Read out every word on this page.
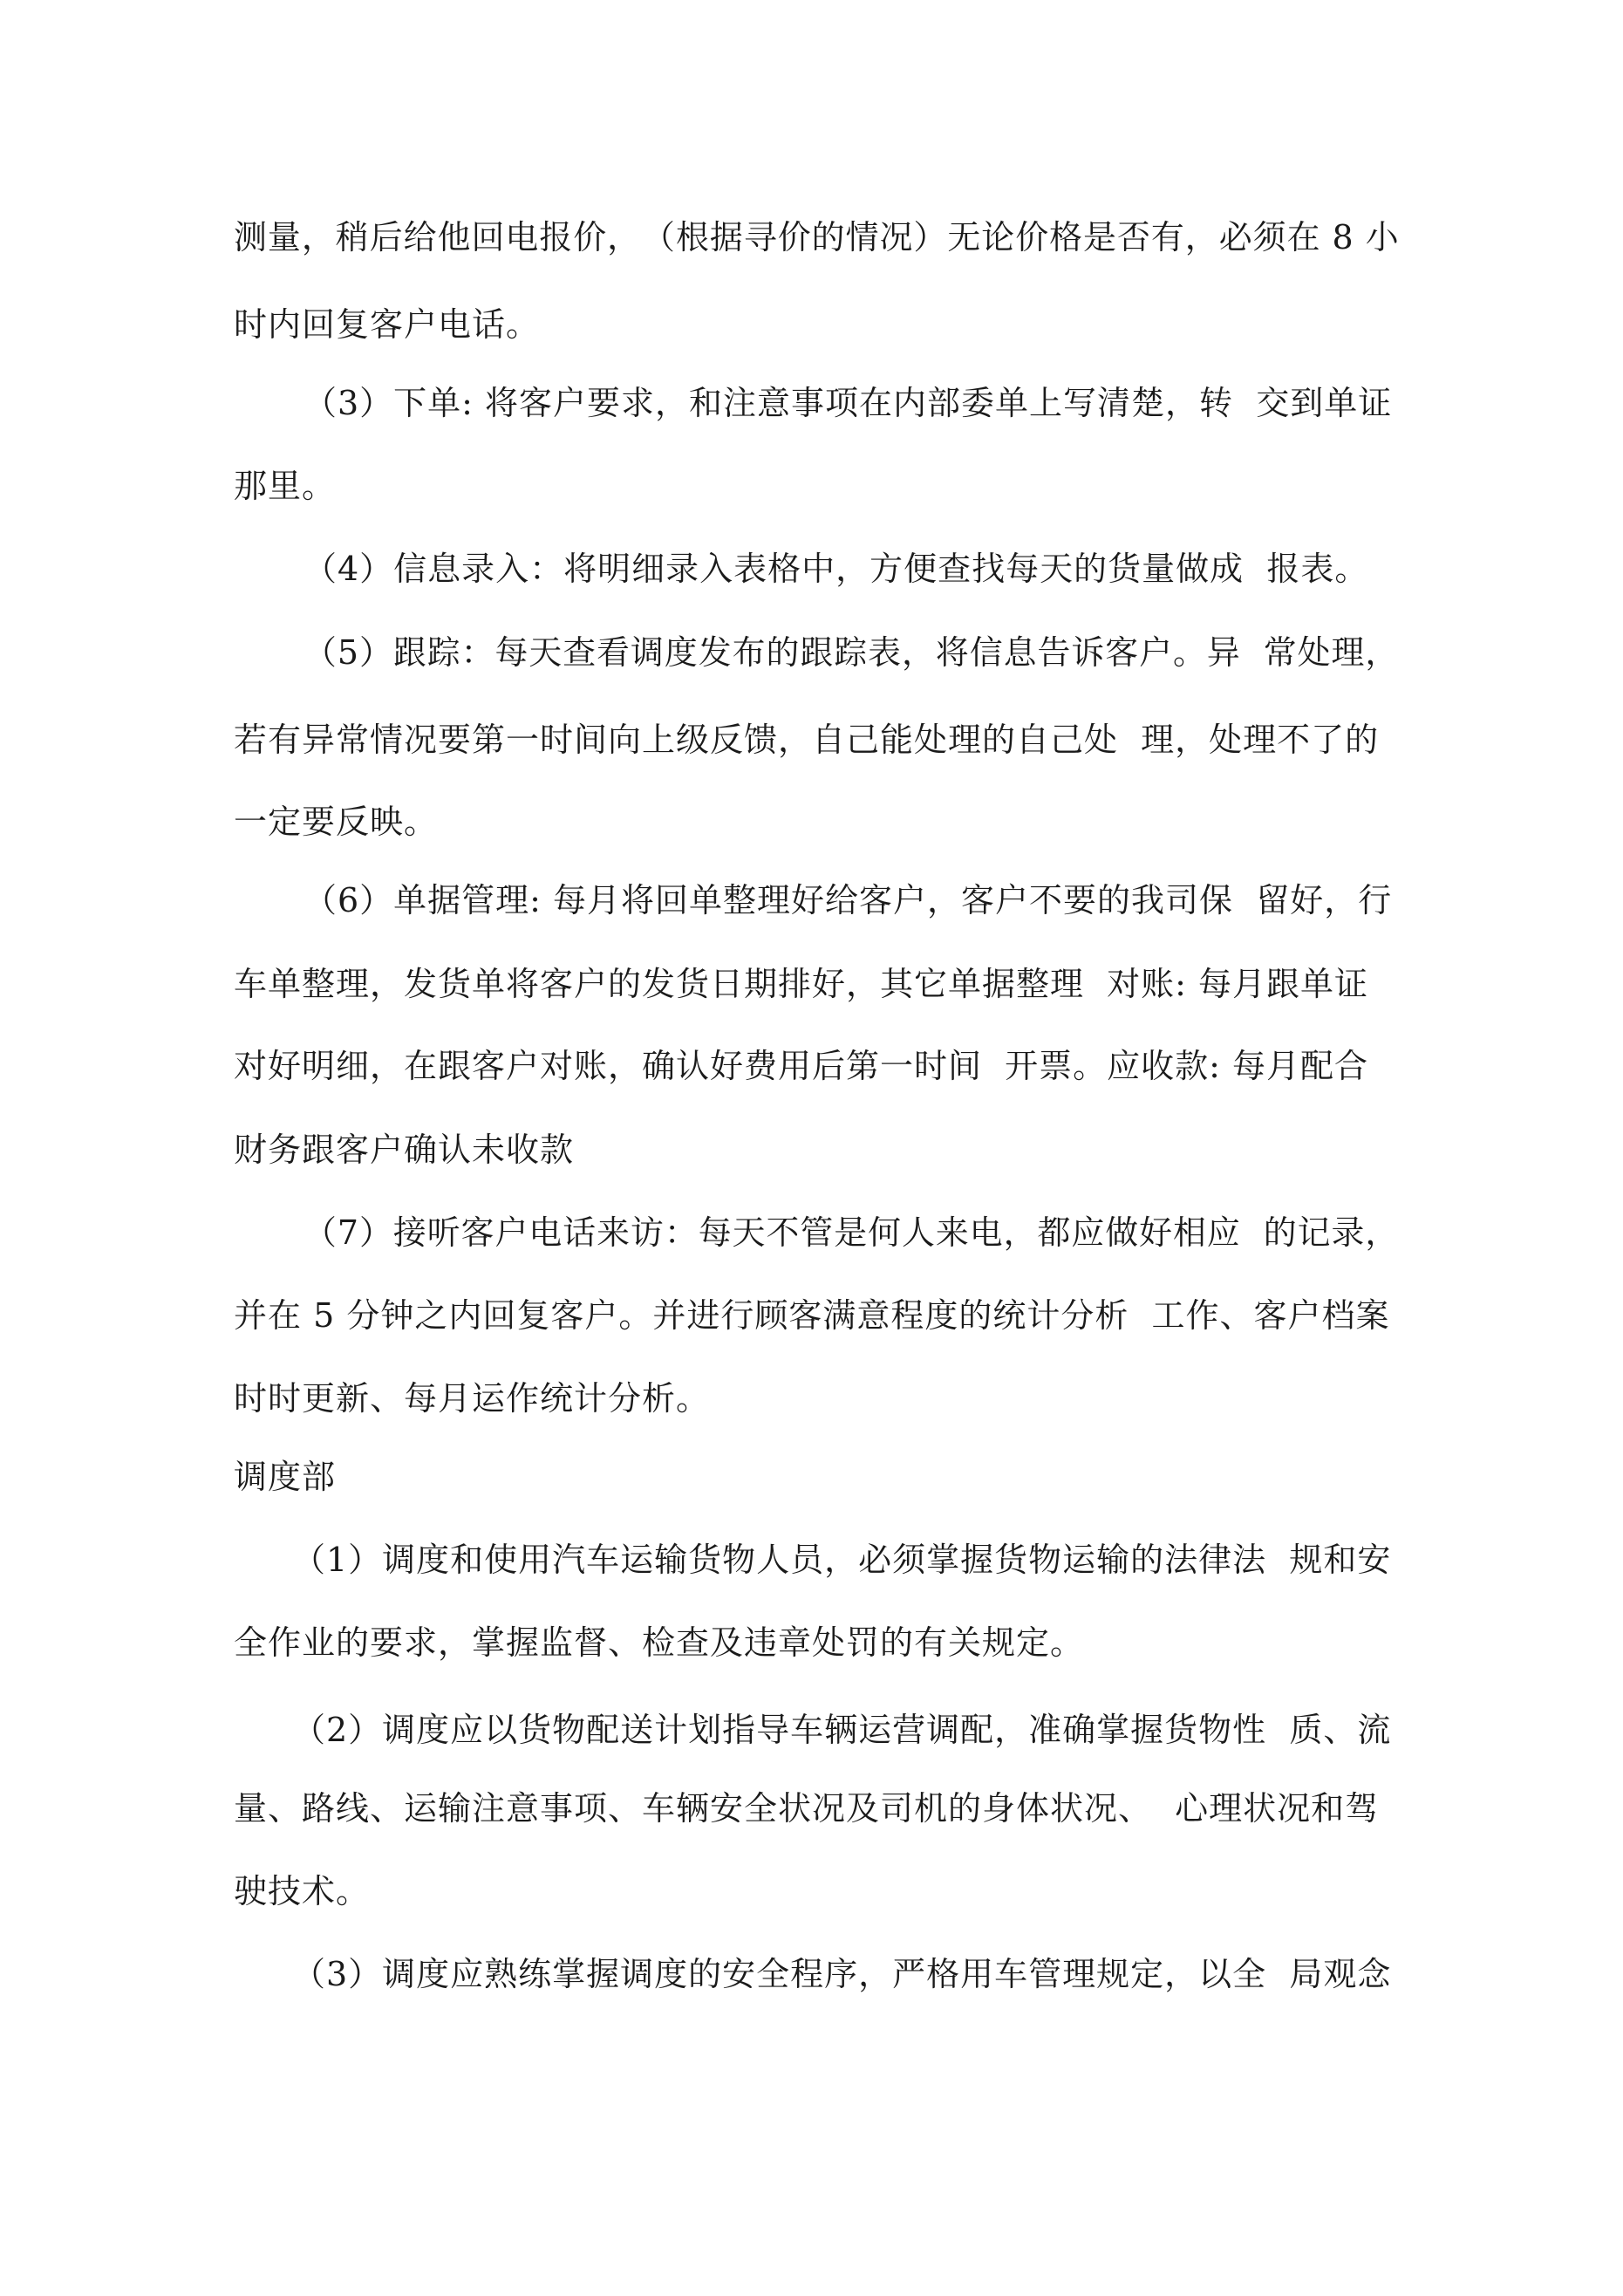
测量，稍后给他回电报价，　（根据寻价的情况）无论价格是否有，必须在 8 小

时内回复客户电话。

（3）下单: 将客户要求，和注意事项在内部委单上写清楚，转  交到单证

那里。

（4）信息录入：将明细录入表格中，方便查找每天的货量做成  报表。

（5）跟踪：每天查看调度发布的跟踪表，将信息告诉客户。异  常处理，

若有异常情况要第一时间向上级反馈，自己能处理的自己处  理，处理不了的

一定要反映。

（6）单据管理: 每月将回单整理好给客户，客户不要的我司保  留好，行

车单整理，发货单将客户的发货日期排好，其它单据整理  对账: 每月跟单证

对好明细，在跟客户对账，确认好费用后第一时间  开票。应收款: 每月配合

财务跟客户确认未收款

（7）接听客户电话来访：每天不管是何人来电，都应做好相应  的记录，

并在 5 分钟之内回复客户。并进行顾客满意程度的统计分析  工作、客户档案

时时更新、每月运作统计分析。

调度部

（1）调度和使用汽车运输货物人员，必须掌握货物运输的法律法  规和安

全作业的要求，掌握监督、检查及违章处罚的有关规定。

（2）调度应以货物配送计划指导车辆运营调配，准确掌握货物性  质、流

量、路线、运输注意事项、车辆安全状况及司机的身体状况、  心理状况和驾

驶技术。

（3）调度应熟练掌握调度的安全程序，严格用车管理规定，以全  局观念
